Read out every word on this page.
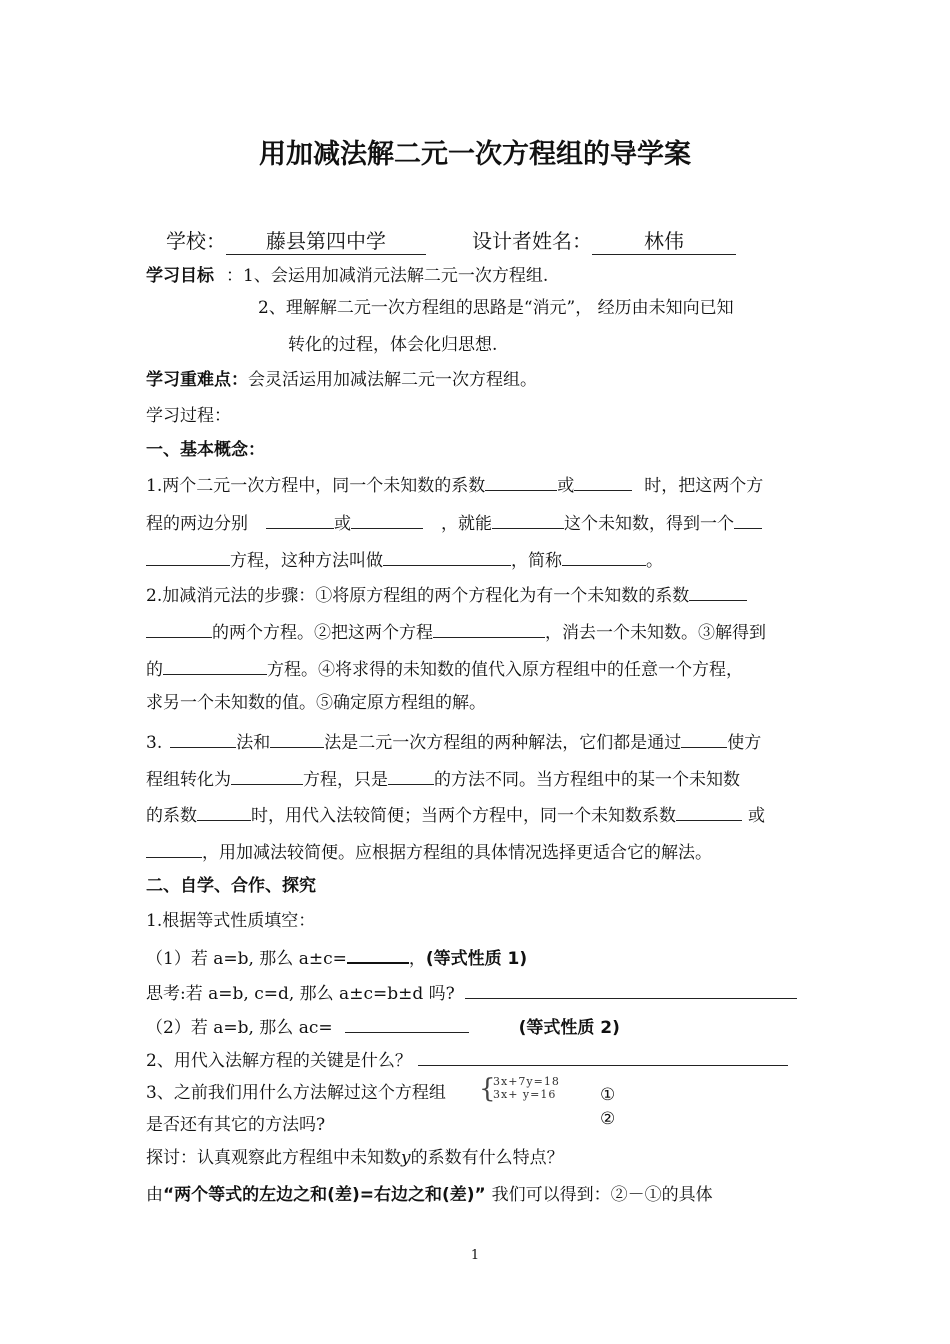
用加减法解二元一次方程组的导学案
学校： 藤县第四中学	设计者姓名：	林伟
学习目标 ：1、会运用加减消元法解二元一次方程组.
2、理解解二元一次方程组的思路是“消元”， 经历由未知向已知
转化的过程，体会化归思想.
学习重难点：会灵活运用加减法解二元一次方程组。
学习过程：
一、基本概念：
1.两个二元一次方程中，同一个未知数的系数	或	时，把这两个方
程的两边分别	或	，就能	这个未知数，得到一个
方程，这种方法叫做	，简称	。
2.加减消元法的步骤：①将原方程组的两个方程化为有一个未知数的系数
的两个方程。②把这两个方程	，消去一个未知数。③解得到
的	方程。④将求得的未知数的值代入原方程组中的任意一个方程，
求另一个未知数的值。⑤确定原方程组的解。
3.	法和	法是二元一次方程组的两种解法，它们都是通过	使方
程组转化为	方程，只是	的方法不同。当方程组中的某一个未知数
的系数	时，用代入法较简便；当两个方程中，同一个未知数系数	或
，用加减法较简便。应根据方程组的具体情况选择更适合它的解法。
二、自学、合作、探究
1.根据等式性质填空：
（1）若 a=b, 那么 a±c=	，(等式性质 1)
思考:若 a=b, c=d, 那么 a±c=b±d 吗?
（2）若 a=b, 那么 ac=	(等式性质 2)
2、用代入法解方程的关键是什么？
3、之前我们用什么方法解过这个方程组 {
3x+7y=18
3x+ y=16	①
②
是否还有其它的方法吗?
探讨：认真观察此方程组中未知数y的系数有什么特点？
由“两个等式的左边之和(差)=右边之和(差)” 我们可以得到：②－①的具体
1
